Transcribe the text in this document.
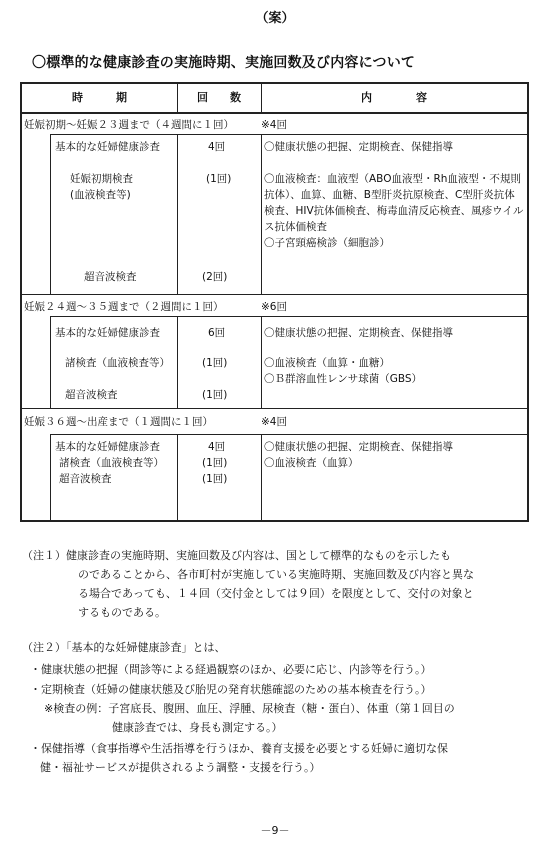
（案）
〇標準的な健康診査の実施時期、実施回数及び内容について
時　　　期	回　　数	内　　　　容
妊娠初期～妊娠２３週まで（４週間に１回）	※4回
基本的な妊婦健康診査	4回	〇健康状態の把握、定期検査、保健指導
妊娠初期検査
(血液検査等)
(1回)	〇血液検査：血液型（ABO血液型・Rh血液型・不規則
抗体）、血算、血糖、B型肝炎抗原検査、C型肝炎抗体
検査、HIV抗体価検査、梅毒血清反応検査、風疹ウイル
ス抗体価検査
〇子宮頸癌検診（細胞診）
超音波検査	(2回)
妊娠２４週～３５週まで（２週間に１回）	※6回
基本的な妊婦健康診査	6回	〇健康状態の把握、定期検査、保健指導
諸検査（血液検査等）	(1回)	〇血液検査（血算・血糖）
〇Ｂ群溶血性レンサ球菌（GBS）
超音波検査	(1回)
妊娠３６週～出産まで（１週間に１回）	※4回
基本的な妊婦健康診査	4回	〇健康状態の把握、定期検査、保健指導
諸検査（血液検査等）	(1回)	〇血液検査（血算）
超音波検査	(1回)
（注１）健康診査の実施時期、実施回数及び内容は、国として標準的なものを示したも
のであることから、各市町村が実施している実施時期、実施回数及び内容と異な
る場合であっても、１４回（交付金としては９回）を限度として、交付の対象と
するものである。
（注２）「基本的な妊婦健康診査」とは、
・健康状態の把握（問診等による経過観察のほか、必要に応じ、内診等を行う。）
・定期検査（妊婦の健康状態及び胎児の発育状態確認のための基本検査を行う。）
※検査の例：子宮底長、腹囲、血圧、浮腫、尿検査（糖・蛋白）、体重（第１回目の
健康診査では、身長も測定する。）
・保健指導（食事指導や生活指導を行うほか、養育支援を必要とする妊婦に適切な保
健・福祉サービスが提供されるよう調整・支援を行う。）
－9－
